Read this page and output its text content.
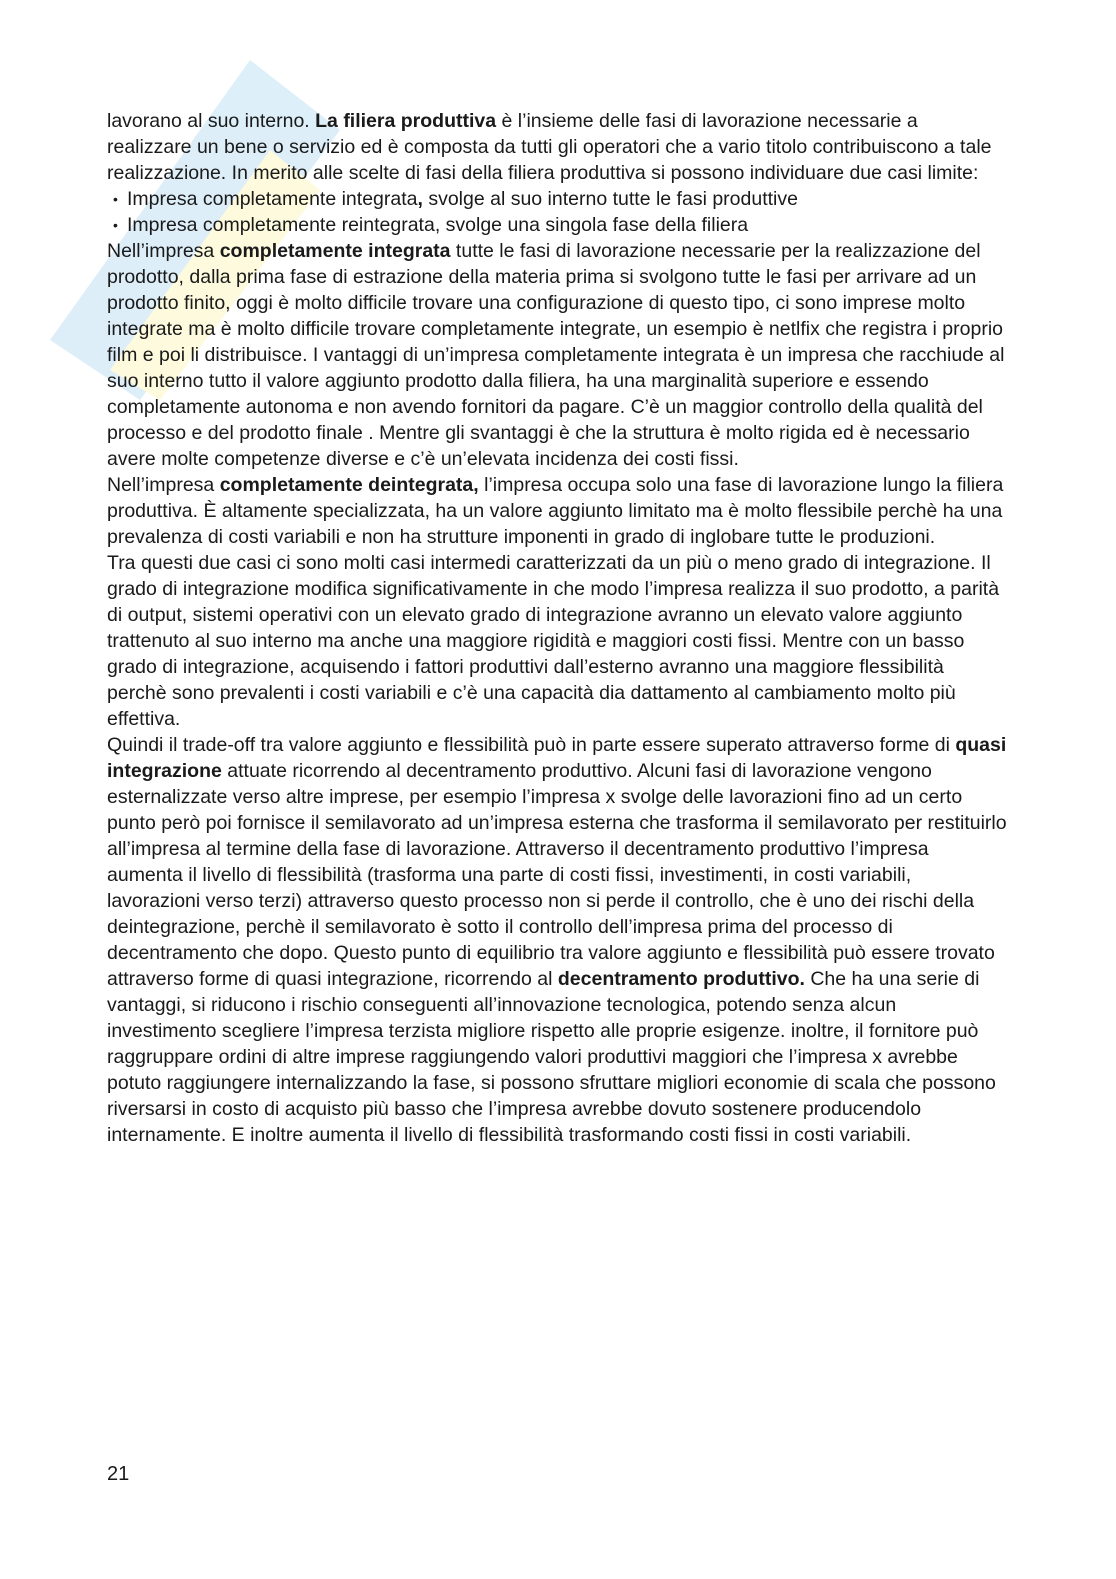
lavorano al suo interno. La filiera produttiva è l’insieme delle fasi di lavorazione necessarie a realizzare un bene o servizio ed è composta da tutti gli operatori che a vario titolo contribuiscono a tale realizzazione. In merito alle scelte di fasi della filiera produttiva si possono individuare due casi limite:

• Impresa completamente integrata, svolge al suo interno tutte le fasi produttive
• Impresa completamente reintegrata, svolge una singola fase della filiera

Nell’impresa completamente integrata tutte le fasi di lavorazione necessarie per la realizzazione del prodotto, dalla prima fase di estrazione della materia prima si svolgono tutte le fasi per arrivare ad un prodotto finito, oggi è molto difficile trovare una configurazione di questo tipo, ci sono imprese molto integrate ma è molto difficile trovare completamente integrate, un esempio è netlfix che registra i proprio film e poi li distribuisce. I vantaggi di un’impresa completamente integrata è un impresa che racchiude al suo interno tutto il valore aggiunto prodotto dalla filiera, ha una marginalità superiore e essendo completamente autonoma e non avendo fornitori da pagare. C’è un maggior controllo della qualità del processo e del prodotto finale . Mentre gli svantaggi è che la struttura è molto rigida ed è necessario avere molte competenze diverse e c’è un’elevata incidenza dei costi fissi.

Nell’impresa completamente deintegrata, l’impresa occupa solo una fase di lavorazione lungo la filiera produttiva. È altamente specializzata, ha un valore aggiunto limitato ma è molto flessibile perchè ha una prevalenza di costi variabili e non ha strutture imponenti in grado di inglobare tutte le produzioni.

Tra questi due casi ci sono molti casi intermedi caratterizzati da un più o meno grado di integrazione. Il grado di integrazione modifica significativamente in che modo l’impresa realizza il suo prodotto, a parità di output, sistemi operativi con un elevato grado di integrazione avranno un elevato valore aggiunto trattenuto al suo interno ma anche una maggiore rigidità e maggiori costi fissi. Mentre con un basso grado di integrazione, acquisendo i fattori produttivi dall’esterno avranno una maggiore flessibilità perchè sono prevalenti i costi variabili e c’è una capacità dia dattamento al cambiamento molto più effettiva.

Quindi il trade-off tra valore aggiunto e flessibilità può in parte essere superato attraverso forme di quasi integrazione attuate ricorrendo al decentramento produttivo. Alcuni fasi di lavorazione vengono esternalizzate verso altre imprese, per esempio l’impresa x svolge delle lavorazioni fino ad un certo punto però poi fornisce il semilavorato ad un’impresa esterna che trasforma il semilavorato per restituirlo all’impresa al termine della fase di lavorazione. Attraverso il decentramento produttivo l’impresa aumenta il livello di flessibilità (trasforma una parte di costi fissi, investimenti, in costi variabili, lavorazioni verso terzi) attraverso questo processo non si perde il controllo, che è uno dei rischi della deintegrazione, perchè il semilavorato è sotto il controllo dell’impresa prima del processo di decentramento che dopo. Questo punto di equilibrio tra valore aggiunto e flessibilità può essere trovato attraverso forme di quasi integrazione, ricorrendo al decentramento produttivo. Che ha una serie di vantaggi, si riducono i rischio conseguenti all’innovazione tecnologica, potendo senza alcun investimento scegliere l’impresa terzista migliore rispetto alle proprie esigenze. inoltre, il fornitore può raggruppare ordini di altre imprese raggiungendo valori produttivi maggiori che l’impresa x avrebbe potuto raggiungere internalizzando la fase, si possono sfruttare migliori economie di scala che possono riversarsi in costo di acquisto più basso che l’impresa avrebbe dovuto sostenere producendolo internamente. E inoltre aumenta il livello di flessibilità trasformando costi fissi in costi variabili.

21
